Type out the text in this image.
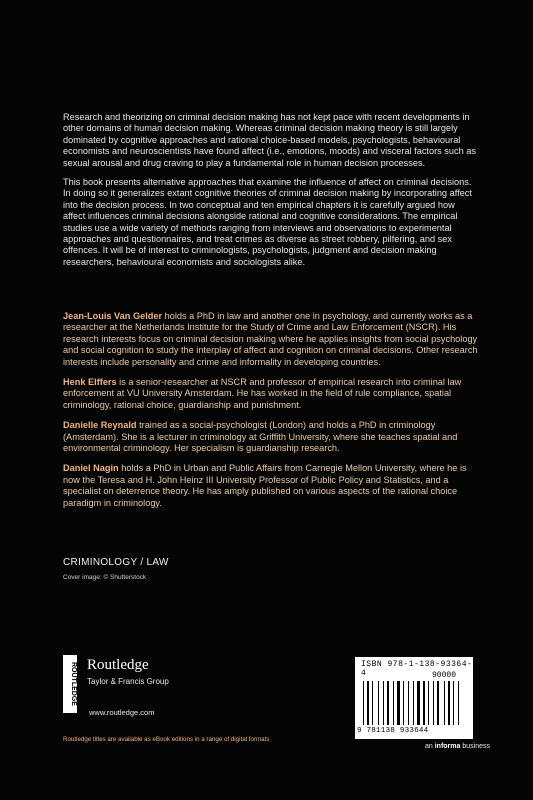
Research and theorizing on criminal decision making has not kept pace with recent developments in other domains of human decision making. Whereas criminal decision making theory is still largely dominated by cognitive approaches and rational choice-based models, psychologists, behavioural economists and neuroscientists have found affect (i.e., emotions, moods) and visceral factors such as sexual arousal and drug craving to play a fundamental role in human decision processes.

This book presents alternative approaches that examine the influence of affect on criminal decisions. In doing so it generalizes extant cognitive theories of criminal decision making by incorporating affect into the decision process. In two conceptual and ten empirical chapters it is carefully argued how affect influences criminal decisions alongside rational and cognitive considerations. The empirical studies use a wide variety of methods ranging from interviews and observations to experimental approaches and questionnaires, and treat crimes as diverse as street robbery, pilfering, and sex offences. It will be of interest to criminologists, psychologists, judgment and decision making researchers, behavioural economists and sociologists alike.

Jean-Louis Van Gelder holds a PhD in law and another one in psychology, and currently works as a researcher at the Netherlands Institute for the Study of Crime and Law Enforcement (NSCR). His research interests focus on criminal decision making where he applies insights from social psychology and social cognition to study the interplay of affect and cognition on criminal decisions. Other research interests include personality and crime and informality in developing countries.

Henk Elffers is a senior-researcher at NSCR and professor of empirical research into criminal law enforcement at VU University Amsterdam. He has worked in the field of rule compliance, spatial criminology, rational choice, guardianship and punishment.

Danielle Reynald trained as a social-psychologist (London) and holds a PhD in criminology (Amsterdam). She is a lecturer in criminology at Griffith University, where she teaches spatial and environmental criminology. Her specialism is guardianship research.

Daniel Nagin holds a PhD in Urban and Public Affairs from Carnegie Mellon University, where he is now the Teresa and H. John Heinz III University Professor of Public Policy and Statistics, and a specialist on deterrence theory. He has amply published on various aspects of the rational choice paradigm in criminology.

CRIMINOLOGY / LAW
Cover image: © Shutterstock
ROUTLEDGE Routledge
Taylor & Francis Group
www.routledge.com
Routledge titles are available as eBook editions in a range of digital formats
ISBN 978-1-138-93364-4	90000
9 781138 933644
an informa business
